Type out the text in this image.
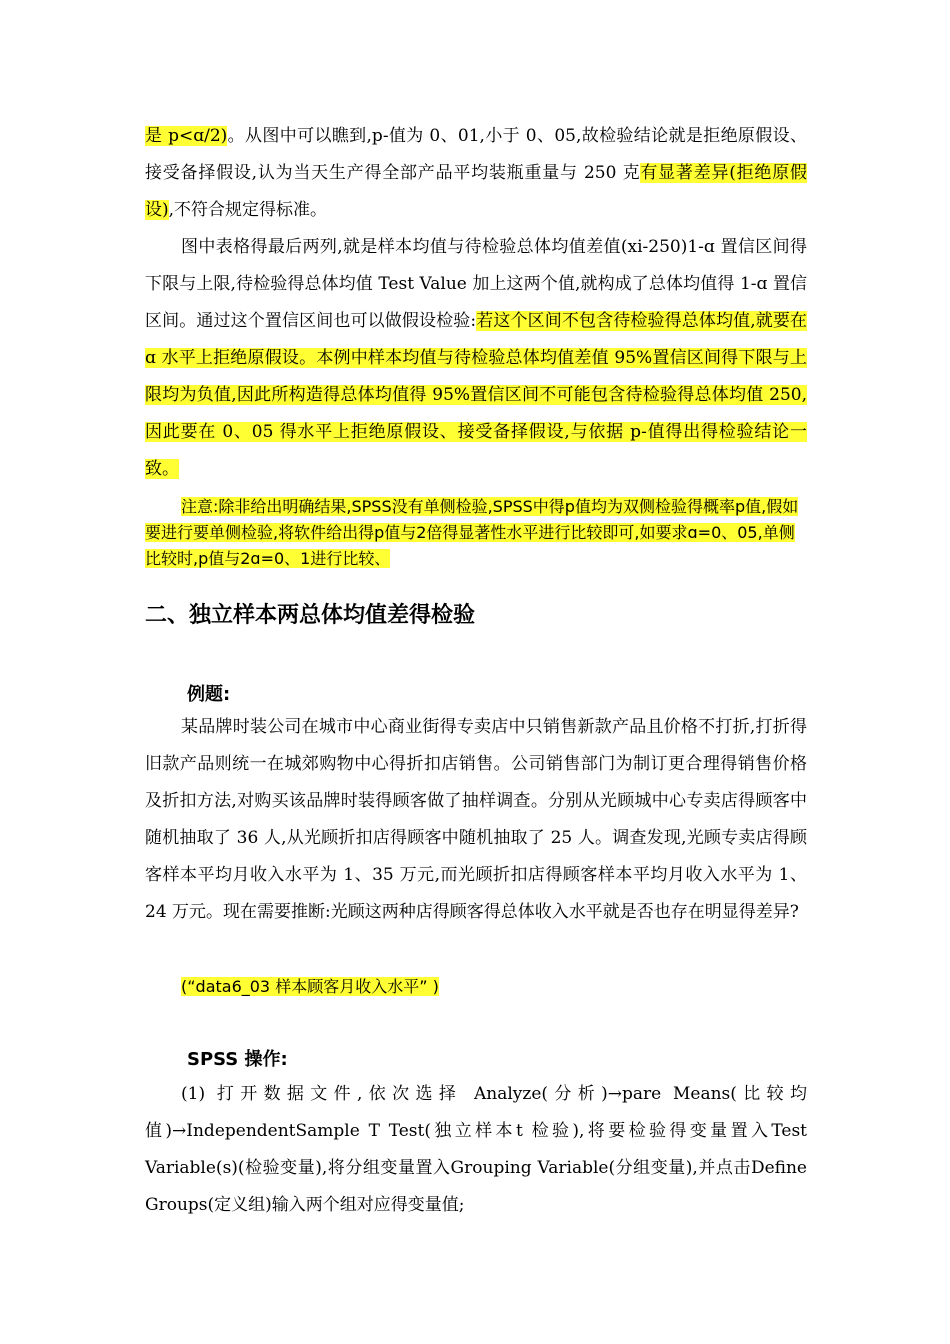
是 p<ɑ/2)。从图中可以瞧到,p-值为 0、01,小于 0、05,故检验结论就是拒绝原假设、接受备择假设,认为当天生产得全部产品平均装瓶重量与 250 克有显著差异(拒绝原假设),不符合规定得标准。
图中表格得最后两列,就是样本均值与待检验总体均值差值(xi-250)1-ɑ 置信区间得下限与上限,待检验得总体均值 Test Value 加上这两个值,就构成了总体均值得 1-ɑ 置信区间。通过这个置信区间也可以做假设检验:若这个区间不包含待检验得总体均值,就要在 ɑ 水平上拒绝原假设。本例中样本均值与待检验总体均值差值 95%置信区间得下限与上限均为负值,因此所构造得总体均值得 95%置信区间不可能包含待检验得总体均值 250,因此要在 0、05 得水平上拒绝原假设、接受备择假设,与依据 p-值得出得检验结论一致。
注意:除非给出明确结果,SPSS没有单侧检验,SPSS中得p值均为双侧检验得概率p值,假如要进行要单侧检验,将软件给出得p值与2倍得显著性水平进行比较即可,如要求ɑ=0、05,单侧比较时,p值与2ɑ=0、1进行比较、
二、独立样本两总体均值差得检验
例题:
某品牌时装公司在城市中心商业街得专卖店中只销售新款产品且价格不打折,打折得旧款产品则统一在城郊购物中心得折扣店销售。公司销售部门为制订更合理得销售价格及折扣方法,对购买该品牌时装得顾客做了抽样调查。分别从光顾城中心专卖店得顾客中随机抽取了 36 人,从光顾折扣店得顾客中随机抽取了 25 人。调查发现,光顾专卖店得顾客样本平均月收入水平为 1、35 万元,而光顾折扣店得顾客样本平均月收入水平为 1、24 万元。现在需要推断:光顾这两种店得顾客得总体收入水平就是否也存在明显得差异?
(“data6_03 样本顾客月收入水平” )
SPSS 操作:
(1) 打开数据文件,依次选择 Analyze(分析)→pare Means(比较均值)→IndependentSample T Test(独立样本t 检验),将要检验得变量置入Test Variable(s)(检验变量),将分组变量置入Grouping Variable(分组变量),并点击Define Groups(定义组)输入两个组对应得变量值;
